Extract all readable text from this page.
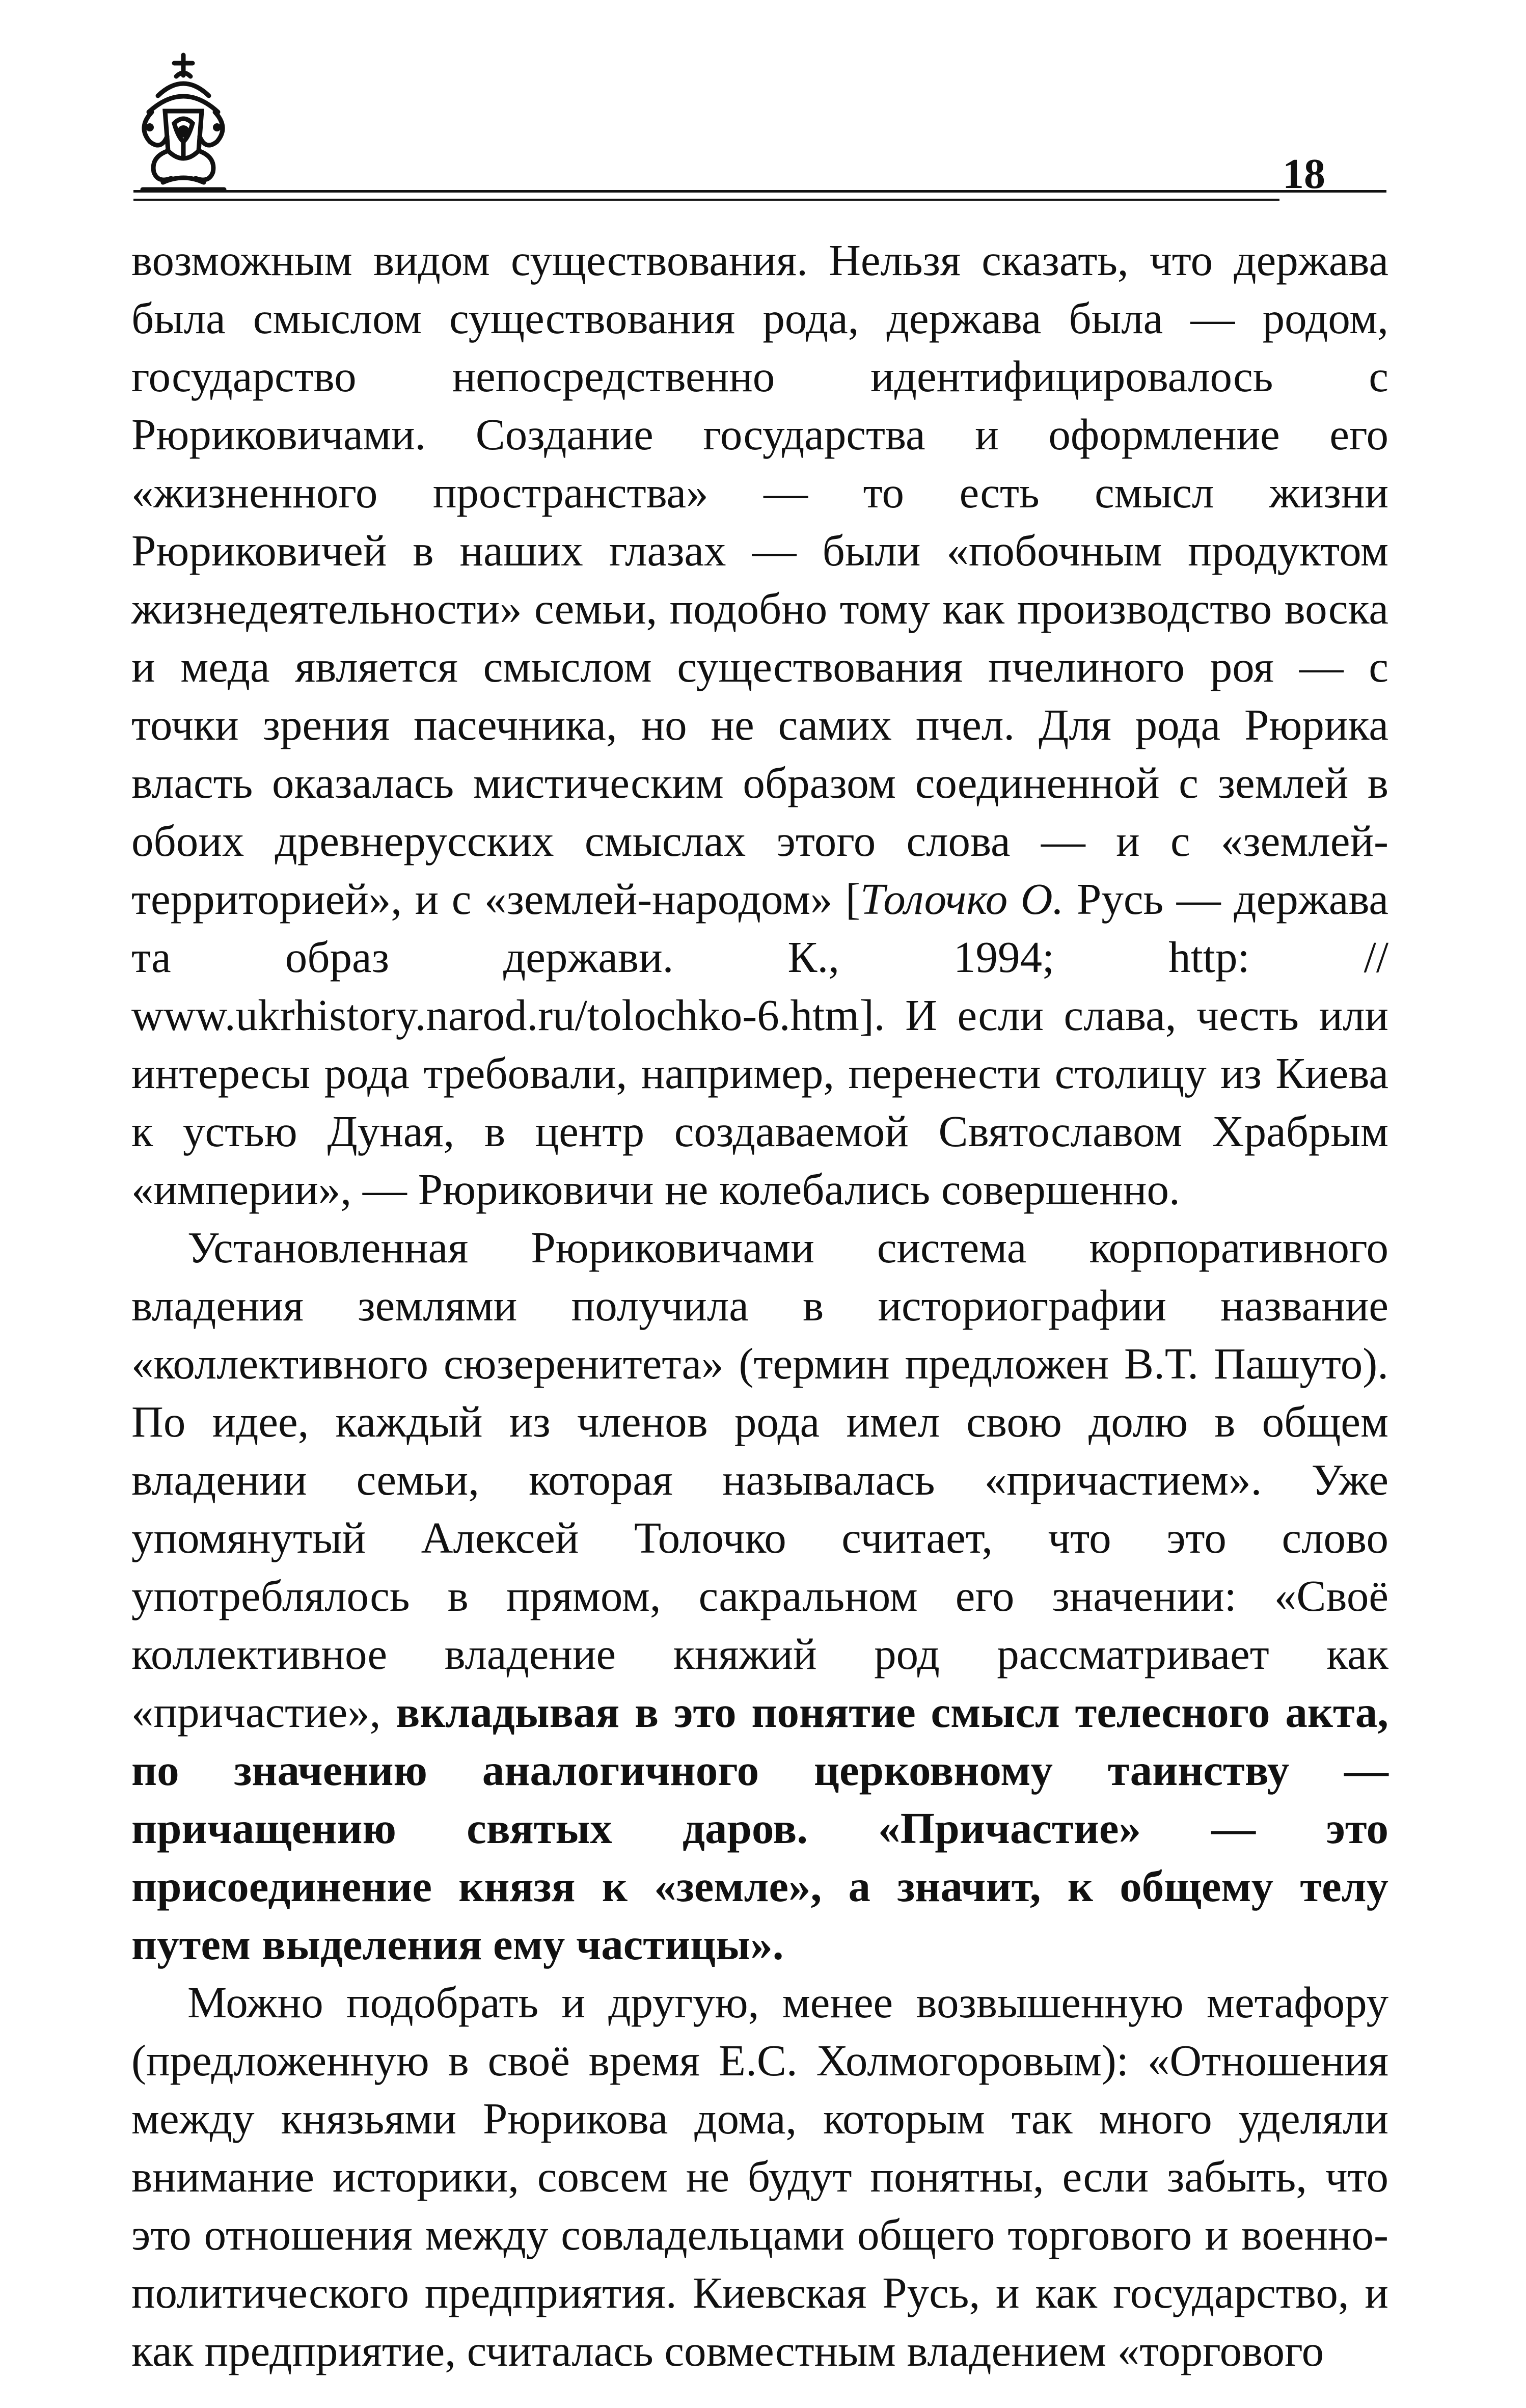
18

возможным видом существования. Нельзя сказать, что держава была смыслом существования рода, держава была — родом, государство непосредственно идентифицировалось с Рюриковичами. Создание государства и оформление его «жизненного пространства» — то есть смысл жизни Рюриковичей в наших глазах — были «побочным продуктом жизнедеятельности» семьи, подобно тому как производство воска и меда является смыслом существования пчелиного роя — с точки зрения пасечника, но не самих пчел. Для рода Рюрика власть оказалась мистическим образом соединенной с землей в обоих древнерусских смыслах этого слова — и с «землей-территорией», и с «землей-народом» [Толочко О. Русь — держава та образ держави. К., 1994; http: // www.ukrhistory.narod.ru/tolochko-6.htm]. И если слава, честь или интересы рода требовали, например, перенести столицу из Киева к устью Дуная, в центр создаваемой Святославом Храбрым «империи», — Рюриковичи не колебались совершенно.

Установленная Рюриковичами система корпоративного владения землями получила в историографии название «коллективного сюзеренитета» (термин предложен В.Т. Пашуто). По идее, каждый из членов рода имел свою долю в общем владении семьи, которая называлась «причастием». Уже упомянутый Алексей Толочко считает, что это слово употреблялось в прямом, сакральном его значении: «Своё коллективное владение княжий род рассматривает как «причастие», вкладывая в это понятие смысл телесного акта, по значению аналогичного церковному таинству — причащению святых даров. «Причастие» — это присоединение князя к «земле», а значит, к общему телу путем выделения ему частицы».

Можно подобрать и другую, менее возвышенную метафору (предложенную в своё время Е.С. Холмогоровым): «Отношения между князьями Рюрикова дома, которым так много уделяли внимание историки, совсем не будут понятны, если забыть, что это отношения между совладельцами общего торгового и военно-политического предприятия. Киевская Русь, и как государство, и как предприятие, считалась совместным владением «торгового
